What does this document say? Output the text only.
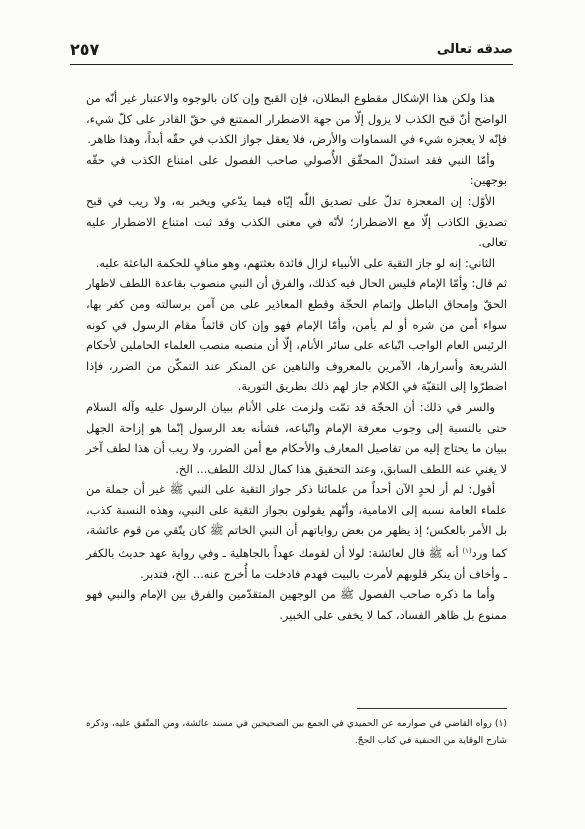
صدقه تعالی
٢٥٧

هذا ولكن هذا الإشكال مقطوع البطلان، فإن القبح وإن كان بالوجوه والاعتبار غير أنّه من الواضح أنّ قبح الكذب لا يزول إلّا من جهة الاضطرار الممتنع في حقّ القادر على كلّ شيء، فإنّه لا يعجزه شيء في السماوات والأرض، فلا يعقل جواز الكذب في حقّه أبداً، وهذا ظاهر.

وأمّا النبي فقد استدلّ المحقّق الأُصولي صاحب الفصول على امتناع الكذب في حقّه بوجهين:

الأوّل: إن المعجزة تدلّ على تصديق اللّٰه إيّاه فيما يدّعي ويخبر به، ولا ريب في قبح تصديق الكاذب إلّا مع الاضطرار؛ لأنّه في معنى الكذب وقد ثبت امتناع الاضطرار عليه تعالى.

الثاني: إنه لو جاز التقية على الأنبياء لزال فائدة بعثتهم، وهو منافٍ للحكمة الباعثة عليه.

ثم قال: وأمّا الإمام فليس الحال فيه كذلك، والفرق أن النبي منصوب بقاعدة اللطف لاظهار الحقّ وإمحاق الباطل وإتمام الحجّة وقطع المعاذير على من آمن برسالته ومن كفر بها، سواء أمن من شره أو لم يأمن، وأمّا الإمام فهو وإن كان قائماً مقام الرسول في كونه الرئيس العام الواجب اتّباعه على سائر الأنام، إلّا أن منصبه منصب العلماء الحاملين لأحكام الشريعة وأسرارها، الآمرين بالمعروف والناهين عن المنكر عند التمكّن من الضرر، فإذا اضطرّوا إلى التقيّة في الكلام جاز لهم ذلك بطريق التورية.

والسر في ذلك: أن الحجّة قد تمّت ولزمت على الأنام ببيان الرسول عليه وآله السلام حتى بالنسبة إلى وجوب معرفة الإمام واتّباعه، فشأنه بعد الرسول إنّما هو إزاحة الجهل ببيان ما يحتاج إليه من تفاصيل المعارف والأحكام مع أمن الضرر، ولا ريب أن هذا لطف آخر لا يغني عنه اللطف السابق، وعند التحقيق هذا كمال لذلك اللطف... الخ.

أقول: لم أر لحدٍ الآن أحداً من علمائنا ذكر جواز التقية على النبي ﷺ غير أن جملة من علماء العامة نسبه إلى الامامية، وأنّهم يقولون بجواز التقية على النبي، وهذه النسبة كذب، بل الأمر بالعكس؛ إذ يظهر من بعض رواياتهم أن النبي الخاتم ﷺ كان يتّقي من قوم عائشة، كما ورد$^{(١)}$ أنه ﷺ قال لعائشة: لولا أن لقومك عهداً بالجاهلية ـ وفي رواية عهد حديث بالكفر ـ وأخاف أن ينكر قلوبهم لأمرت بالبيت فهدم فادخلت ما أُخرج عنه... الخ، فتدبر.

وأما ما ذكره صاحب الفصول ﷺ من الوجهين المتقدّمين والفرق بين الإمام والنبي فهو ممنوع بل ظاهر الفساد، كما لا يخفى على الخبير.

(١) رواه القاضي في صوارمه عن الحميدي في الجمع بين الصحيحين في مسند عائشة، ومن المتّفق عليه، وذكره شارح الوقاية من الحنفية في كتاب الحجّ.
